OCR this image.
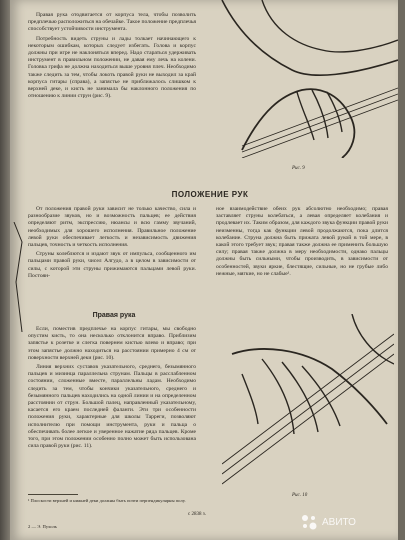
Правая рука отодвигается от корпуса тела, чтобы позволить предплечью расположиться на обечайке. Такое положение предплечья способствует устойчивости инструмента.

Потребность видеть струны и лады толкает начинающего к некоторым ошибкам, которых следует избегать. Голова и корпус должны при игре не наклоняться вперед. Надо стараться удерживать инструмент в правильном положении, не давая ему лечь на колени. Головка грифа не должна находиться выше уровня плеч. Необходимо также следить за тем, чтобы локоть правой руки не выходил за край корпуса гитары (справа), а запястье не приближалось слишком к верхней деке, и кисть не занимала бы наклонного положения по отношению к линии струн (рис. 9).

Рис. 9
ПОЛОЖЕНИЕ РУК

От положения правой руки зависит не только качество, сила и разнообразие звуков, но и возможность пальцев; ее действия определяют ритм, экспрессию, нюансы и всю гамму звучаний, необходимых для хорошего исполнения. Правильное положение левой руки обеспечивает легкость и независимость движения пальцев, точность и четкость исполнения.

Струны колеблются и издают звук от импульса, сообщенного им пальцами правой руки, чисел Алгудо, а в целом в зависимости от силы, с которой эти струны прижимаются пальцами левой руки. Постоян-

ное взаимодействие обеих рук абсолютно необходимо; правая заставляет струны колебаться, а левая определяет колебания и продлевает их. Таким образом, для каждого звука функции правой руки неизменны, тогда как функции левой продолжаются, пока длится колебание. Струна должна быть прижата левой рукой в той мере, в какой этого требует звук; правая также должна ее применить большую силу; правая также должна в меру необходимости, однако пальцы должны быть сильными, чтобы производить, в зависимости от особенностей, звуки яркие, блестящие, сильные, но не грубые либо нежные, мягкие, но не слабые¹.

Правая рука

Если, поместив предплечье на корпус гитары, мы свободно опустим кисть, то она несколько отклонится вправо. Приблизим запястье к розетке и слегка повернем кистью влево и вправо; при этом запястье должно находиться на расстоянии примерно 4 см от поверхности верхней деки (рис. 10).

Линия верхних суставов указательного, среднего, безымянного пальцев и мизинца параллельна струнам. Пальцы в расслабленном состоянии, сложенные вместе, параллельны ладам. Необходимо следить за тем, чтобы кончики указательного, среднего и безымянного пальцев находились на одной линии и на определенном расстоянии от струн. Большой палец, направленный указательному, касается его краем последней фаланги. Эти три особенности положения руки, характерные для школы Тарреги, позволяют исполнителю при помощи инструмента, руки и пальца о обеспечивать более легкое и уверенное нажатие ряда пальцев. Кроме того, при этом положении особенно полно может быть использована сила правой руки (рис. 11).

Рис. 10
¹ Плоскости верхней и нижней деки должны быть почти перпендикулярны полу.
2 — Э. Пухоль
с 2838 з.
АВИТО
